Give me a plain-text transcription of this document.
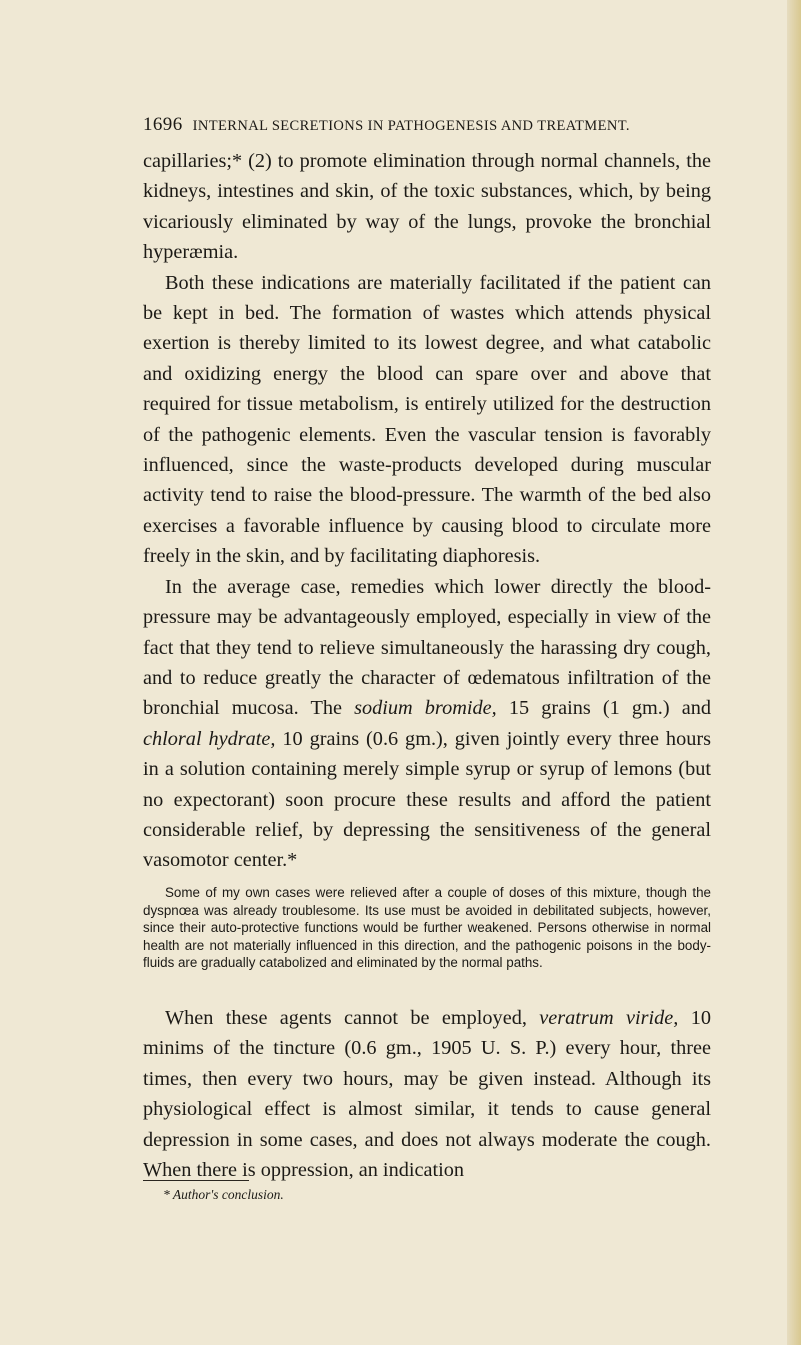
1696 INTERNAL SECRETIONS IN PATHOGENESIS AND TREATMENT.

capillaries;* (2) to promote elimination through normal channels, the kidneys, intestines and skin, of the toxic substances, which, by being vicariously eliminated by way of the lungs, provoke the bronchial hyperæmia.

Both these indications are materially facilitated if the patient can be kept in bed. The formation of wastes which attends physical exertion is thereby limited to its lowest degree, and what catabolic and oxidizing energy the blood can spare over and above that required for tissue metabolism, is entirely utilized for the destruction of the pathogenic elements. Even the vascular tension is favorably influenced, since the waste-products developed during muscular activity tend to raise the blood-pressure. The warmth of the bed also exercises a favorable influence by causing blood to circulate more freely in the skin, and by facilitating diaphoresis.

In the average case, remedies which lower directly the blood-pressure may be advantageously employed, especially in view of the fact that they tend to relieve simultaneously the harassing dry cough, and to reduce greatly the character of œdematous infiltration of the bronchial mucosa. The sodium bromide, 15 grains (1 gm.) and chloral hydrate, 10 grains (0.6 gm.), given jointly every three hours in a solution containing merely simple syrup or syrup of lemons (but no expectorant) soon procure these results and afford the patient considerable relief, by depressing the sensitiveness of the general vasomotor center.*

Some of my own cases were relieved after a couple of doses of this mixture, though the dyspnœa was already troublesome. Its use must be avoided in debilitated subjects, however, since their auto-protective functions would be further weakened. Persons otherwise in normal health are not materially influenced in this direction, and the pathogenic poisons in the body-fluids are gradually catabolized and eliminated by the normal paths.
When these agents cannot be employed, veratrum viride, 10 minims of the tincture (0.6 gm., 1905 U. S. P.) every hour, three times, then every two hours, may be given instead. Although its physiological effect is almost similar, it tends to cause general depression in some cases, and does not always moderate the cough. When there is oppression, an indication
* Author's conclusion.
